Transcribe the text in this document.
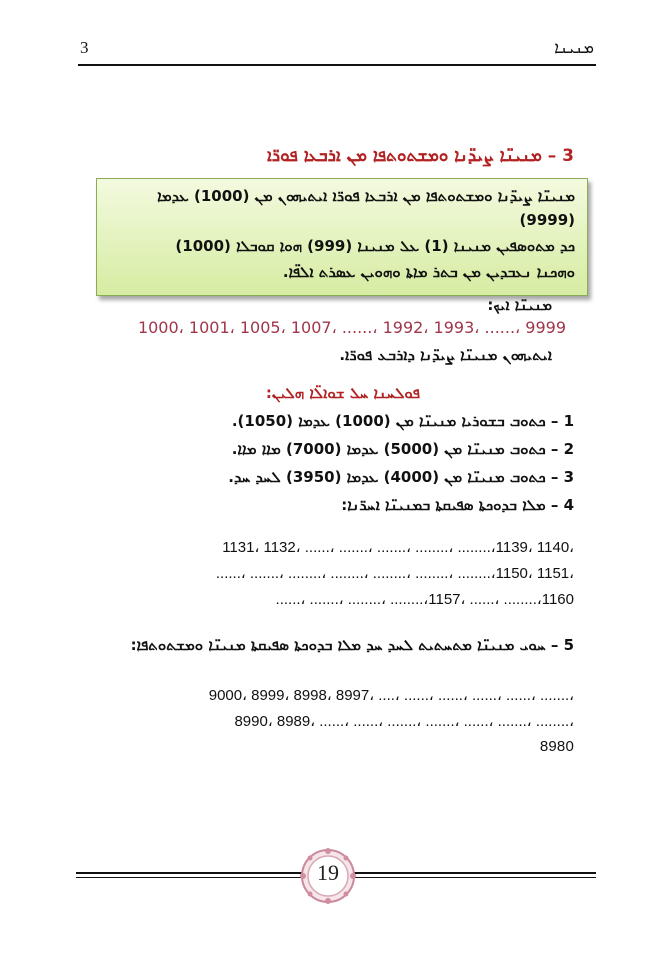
3	ܡܢܝܢܐ
3 – ܡܢܝܢ̈ܐ ܨܝܕ̈ܢܐ ܘܡܫܬܘܬܦܐ ܡܢ ܐܪܒܥܐ ܦܘܪ̈ܐ
ܡܢܝܢ̈ܐ ܨܝܕ̈ܢܐ ܘܡܫܬܘܬܦܐ ܡܢ ܐܪܒܥܐ ܦܘܪ̈ܐ ܐܝܬܝܗܘܢ ܡܢ (1000) ܥܕܡܐ
(9999)
ܟܕ ܡܬܘܣܦܝܢ ܡܢܝܢܐ (1) ܥܠ ܡܢܝܢܐ (999) ܗܘܐ ܩܘܒܠܐ (1000)
ܘܗܟܢܐ ܢܥܒܕܝܢ ܡܢ ܒܬܪ ܡܐܬܐ ܘܗܘܝܢ ܥܣܪܬ ܐܠܦ̈ܐ.
ܡܢܝܢ̈ܐ ܐܝܟ:
1000، 1001، 1005، 1007، ......، 1992، 1993، ......، 9999
ܐܝܬܝܗܘܢ ܡܢܝܢ̈ܐ ܨܝܕ̈ܢܐ ܕܐܪܒܥ ܦܘܪ̈ܐ.
ܦܘܠܚܢܐ ܚܠ ܫܘܐܠ̈ܐ ܗܠܝܢ:
1 – ܟܬܘܒ ܒܫܘܪܝܐ ܡܢܝܢ̈ܐ ܡܢ (1000) ܥܕܡܐ (1050).
2 – ܟܬܘܒ ܡܢܝܢ̈ܐ ܡܢ (5000) ܥܕܡܐ (7000) ܡܐܐ ܡܐܐ.
3 – ܟܬܘܒ ܡܢܝܢ̈ܐ ܡܢ (4000) ܥܕܡܐ (3950) ܠܚܕ ܚܕ.
4 – ܡܠܐ ܒܕܘܟܬܐ ܣܦܝܩܬܐ ܒܡܢܝܢ̈ܐ ܐܚܪ̈ܢܐ:
1131، 1132، ......، .......، .......، ........، ........،1139، 1140،
......، .......، ........، ........، ........، ........، ........،1150، 1151،
......، .......، ........، ........،1157، ......، ........،1160
5 – ܚܘܝ ܡܢܝܢ̈ܐ ܡܬܚܬܝܬ ܠܚܕ ܚܕ ܡܠܐ ܒܕܘܟܬܐ ܣܦܝܩܬܐ ܡܢܝܢ̈ܐ ܘܡܫܬܘܬܦܐ:
9000، 8999، 8998، 8997، ....، ......، ......، ......، ......، .......،
8990، 8989، ......، ......، .......، .......، ......، .......، ........،
8980
19
